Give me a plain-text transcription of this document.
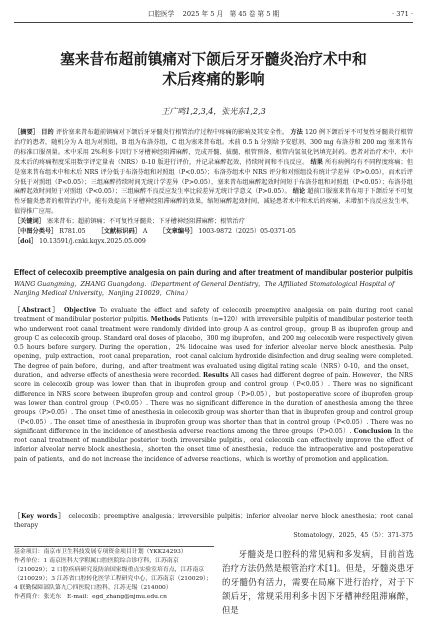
口腔医学 2025 年 5 月　第 45 卷 第 5 期	· 371 ·
塞来昔布超前镇痛对下颌后牙牙髓炎治疗术中和
术后疼痛的影响
王广鸣1,2,3,4，张光东1,2,3

［摘要］ 目的 评价塞来昔布超前镇痛对下颌后牙牙髓炎行根管治疗过程中疼痛的影响及其安全性。 方法 120 例下颌后牙不可复性牙髓炎行根管治疗的患者，随机分为 A 组为对照组，B 组为布洛芬组，C 组为塞来昔布组。术前 0.5 h 分别给予安慰剂、300 mg 布洛芬和 200 mg 塞来昔布的标准口服剂量。术中采用 2%利多卡因行下牙槽神经阻滞麻醉，完成开髓、拔髓、根管预备、根管内氢氧化钙填充封药。患者对治疗术中、术中及术后的疼痛程度采用数字评定量表（NRS）0-10 版进行评价，并记录麻醉起效、持续时间和不良反应。 结果 所有病例均有不同程度疼痛；但是塞来昔布组术中和术后 NRS 评分低于布洛芬组和对照组（P<0.05）；布洛芬组术中 NRS 评分和对照组没有统计学差异（P>0.05），而术后评分低于对照组（P<0.05）；三组麻醉持续时间无统计学差异（P>0.05），塞来昔布组麻醉起效时间短于布洛芬组和对照组（P<0.05）；布洛芬组麻醉起效时间短于对照组（P<0.05）；三组麻醉不良反应发生率比较差异无统计学意义（P>0.05）。 结论 超前口服塞来昔布用于下颌后牙不可复性牙髓炎患者的根管治疗中，能有效提高下牙槽神经阻滞麻醉的效果，缩短麻醉起效时间，减轻患者术中和术后的疼痛，未增加不良反应发生率，值得推广应用。

［关键词］ 塞来昔布；超前镇痛；不可复性牙髓炎；下牙槽神经阻滞麻醉；根管治疗

［中图分类号］ R781.05 ［文献标识码］ A ［文章编号］ 1003-9872（2025）05-0371-05

［doi］ 10.13591/j.cnki.kqyx.2025.05.009

Effect of celecoxib preemptive analgesia on pain during and after treatment of mandibular posterior pulpitis
WANG Guangming，ZHANG Guangdong.（Department of General Dentistry，The Affiliated Stomatological Hospital of Nanjing Medical University，Nanjing 210029，China）

［Abstract］ Objective To evaluate the effect and safety of celecoxib preemptive analgesia on pain during root canal treatment of mandibular posterior pulpitis. Methods Patients（n=120）with irreversible pulpitis of mandibular posterior teeth who underwent root canal treatment were randomly divided into group A as control group，group B as ibuprofen group and group C as celecoxib group. Standard oral doses of placebo，300 mg ibuprofen，and 200 mg celecoxib were respectively given 0.5 hours before surgery. During the operation，2% lidocaine was used for inferior alveolar nerve block anesthesia. Pulp opening，pulp extraction，root canal preparation，root canal calcium hydroxide disinfection and drug sealing were completed. The degree of pain before，during，and after treatment was evaluated using digital rating scale（NRS）0-10，and the onset，duration，and adverse effects of anesthesia were recorded. Results All cases had different degree of pain. However，the NRS score in celecoxib group was lower than that in ibuprofen group and control group（P<0.05）. There was no significant difference in NRS score between ibuprofen group and control group（P>0.05），but postoperative score of ibuprofen group was lower than control group（P<0.05）. There was no significant difference in the duration of anesthesia among the three groups（P>0.05）. The onset time of anesthesia in celecoxib group was shorter than that in ibuprofen group and control group（P<0.05）. The onset time of anesthesia in ibuprofen group was shorter than that in control group（P<0.05）. There was no significant difference in the incidence of anesthesia adverse reactions among the three groups（P>0.05）. Conclusion In the root canal treatment of mandibular posterior tooth irreversible pulpitis，oral celecoxib can effectively improve the effect of inferior alveolar nerve block anesthesia，shorten the onset time of anesthesia，reduce the intraoperative and postoperative pain of patients，and do not increase the incidence of adverse reactions，which is worthy of promotion and application.

［Key words］ celecoxib；preemptive analgesia；irreversible pulpitis；inferior alveolar nerve block anesthesia；root canal therapy

Stomatology，2025，45（5）：371-375

基金项目：南京市卫生科技发展专项资金项目计划（YKK24293）

作者单位：1 南京医科大学附属口腔医院综合诊疗科，江苏南京（210029）；2 口腔疾病研究及防治国家级重点实验室培育点，江苏南京（210029）；3 江苏省口腔转化医学工程研究中心，江苏南京（210029）；4 联勤保障部队第九〇四医院口腔科，江苏无锡（214000）

作者简介：张光东　E-mail：egd_zhang@njmu.edu.cn

牙髓炎是口腔科的常见病和多发病，目前首选治疗方法仍然是根管治疗术[1]。但是，牙髓炎患牙的牙髓仍有活力，需要在局麻下进行治疗，对于下颌后牙，常规采用利多卡因下牙槽神经阻滞麻醉，但是
